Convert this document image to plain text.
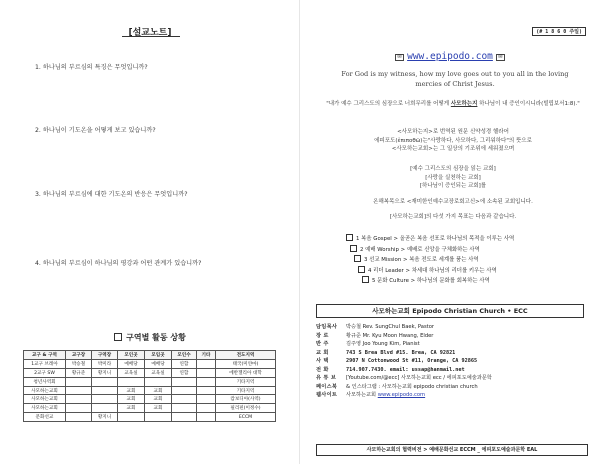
[설교노트]
1. 하나님의 부르심의 특징은 무엇입니까?
2. 하나님이 기도온을 어떻게 보고 있습니까?
3. 하나님의 부르심에 대한 기도온의 반응은 무엇입니까?
4. 하나님의 부르심이 하나님의 평강과 어떤 관계가 있습니까?
구역별 활동 상황
교구 & 구역	교구장	구역장	모인곳	모임곳	모인수	기타	전도지역
1교구 브레아	박승철	박미라	예배당	예배당	연합		태국(미얀마)
2교구 SW	황규준	황지니	교육실	교육실	연합		에반젤리아 대학
청년사역회							기타지역
사모하는교회			교회	교회			기타지역
사모하는교회			교회	교회			캄보디아(사역)
사모하는교회			교회	교회			필리핀(이정수)
문화선교		황지니					ECCM
(# 1 8 6 0 주일)
✉ www.epipodo.com ✉
For God is my witness, how my love goes out to you all in the loving mercies of Christ Jesus.
"내가 예수 그리스도의 심장으로 너희무리를 어떻게 사모하는지 하나님이 내 증인이시니라(빌립보서1:8)."
<사모하는지>로 번역된 원문 신약성경 헬라어
에피포도(ἐπιποθῶ)는"사랑하다, 사모하다, 그리워하다"의 뜻으로
<사모하는교회>는 그 일상의 기조위에 세워졌으며
[예수 그리스도의 심장을 읽는 교회]
[사랑을 실천하는 교회]
[하나님이 증인되는 교회]를
온해복목으로 <재미한인예수교장로회고신>에 소속된 교회입니다.
[사모하는교회]의 다섯 가지 목표는 다음과 같습니다.
1 복음 Gospel > 올곧은 복음 선포로 하나님의 목적을 이루는 사역
2 예배 Worship > 예배로 신앙을 구체화하는 사역
3 선교 Mission > 복음 전도로 세계를 품는 사역
4 리더 Leader > 차세대 하나님의 리더를 키우는 사역
5 문화 Culture > 하나님의 문화를 회복하는 사역
사모하는교회 Epipodo Christian Church • ECC
담임목사	박승철 Rev. SungChul Baek, Pastor
장 로	황규준 Mr. Kyu Moon Hwang, Elder
반 주	김주영 Joo Young Kim, Pianist
교 회	743 S Brea Blvd #15. Brea, CA 92821
사 택	2907 N Cottonwood St #11, Orange, CA 92865
전 화	714.907.7430. email: ussap@hanmail.net
유 튜 브	[Youtube.com/@ecc] 사모하는교회 ecc / 에피포도예술과문학
페이스북	& 인스타그램 : 사모하는교회 epipodo christian church
웹사이트	사모하는교회 www.epipodo.com
사모하는교회의 협력비전 > 예배문화선교 ECCM _ 에피포도예술과문학 EAL
